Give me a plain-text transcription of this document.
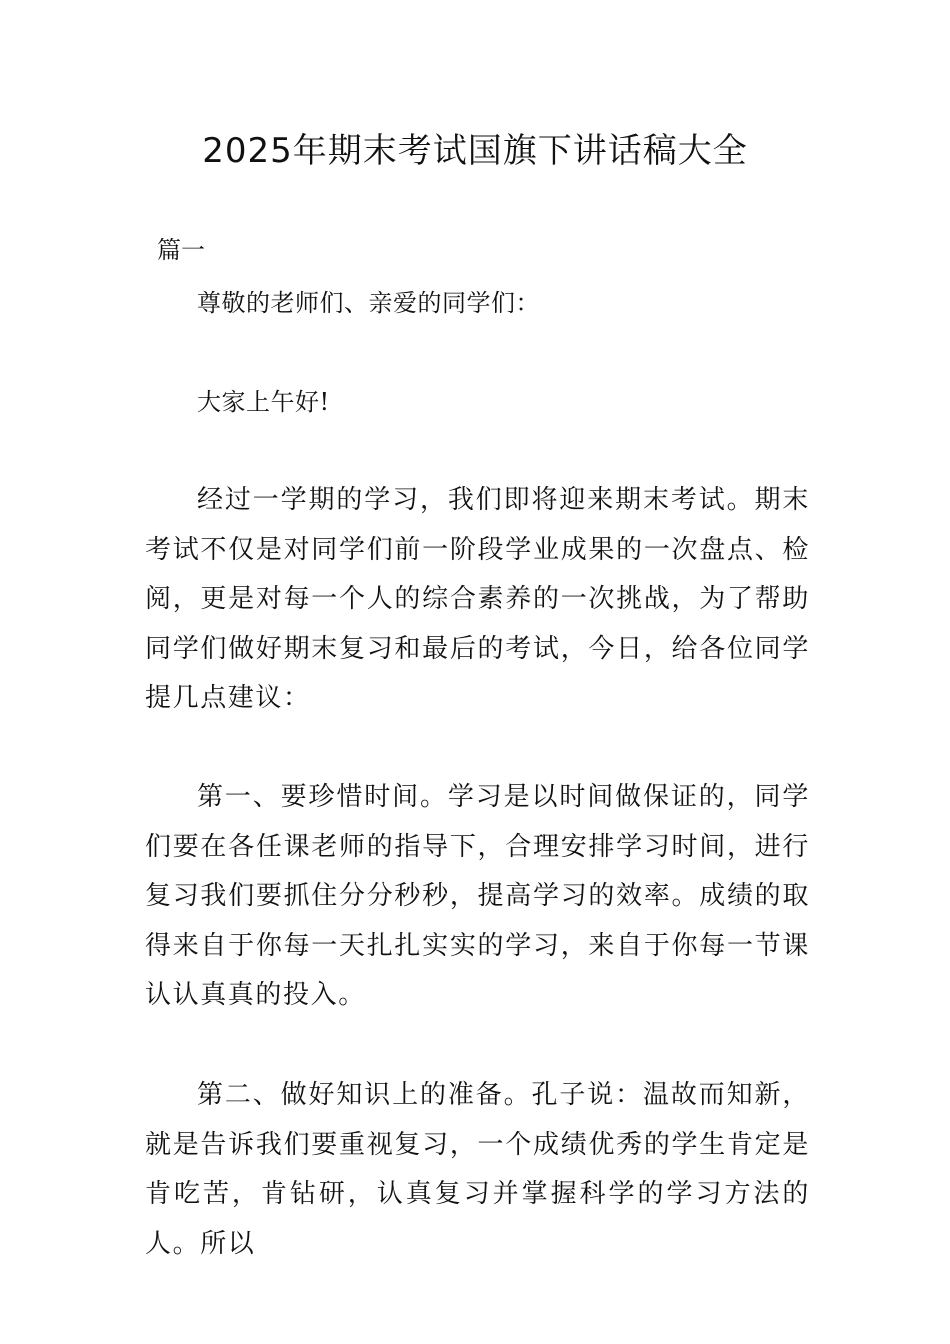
2025年期末考试国旗下讲话稿大全

篇一

尊敬的老师们、亲爱的同学们：

大家上午好!

经过一学期的学习，我们即将迎来期末考试。期末考试不仅是对同学们前一阶段学业成果的一次盘点、检阅，更是对每一个人的综合素养的一次挑战，为了帮助同学们做好期末复习和最后的考试，今日，给各位同学提几点建议：

第一、要珍惜时间。学习是以时间做保证的，同学们要在各任课老师的指导下，合理安排学习时间，进行复习我们要抓住分分秒秒，提高学习的效率。成绩的取得来自于你每一天扎扎实实的学习，来自于你每一节课认认真真的投入。

第二、做好知识上的准备。孔子说：温故而知新，就是告诉我们要重视复习，一个成绩优秀的学生肯定是肯吃苦，肯钻研，认真复习并掌握科学的学习方法的人。所以
